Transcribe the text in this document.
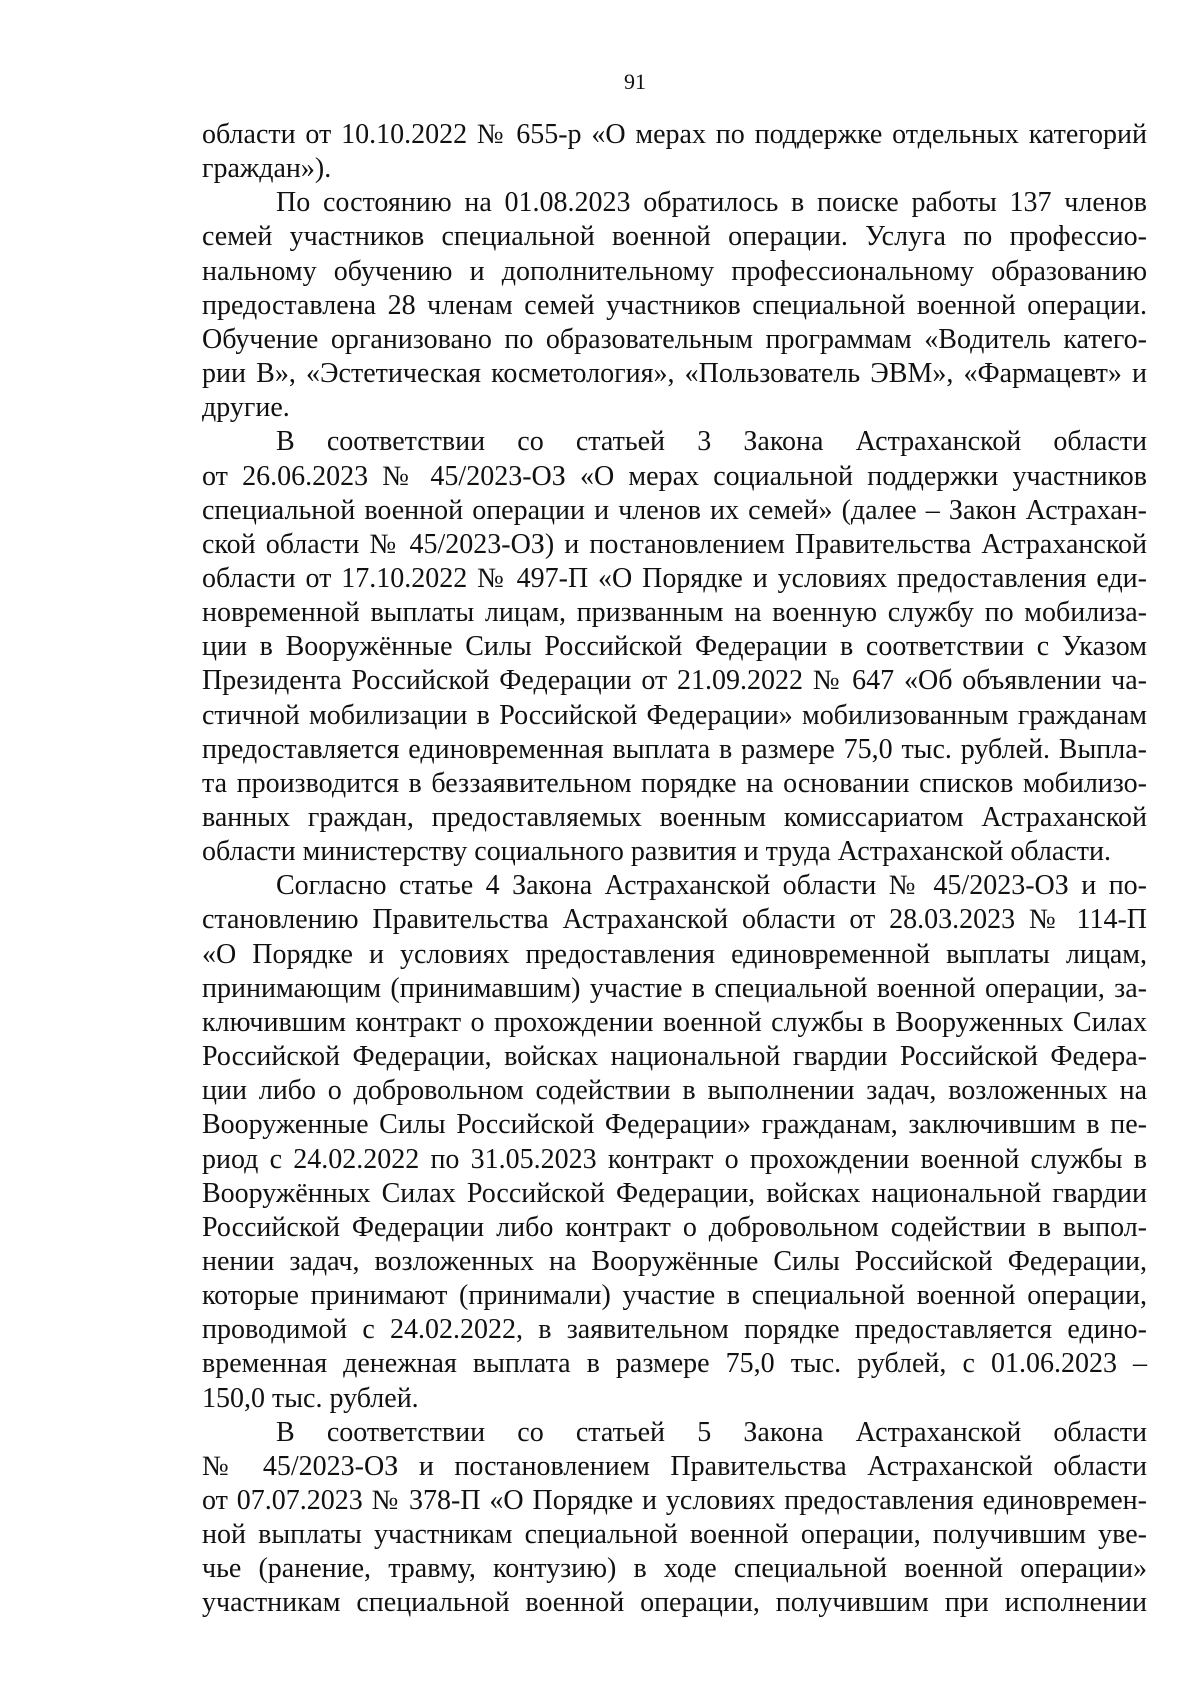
91
области от 10.10.2022 № 655-р «О мерах по поддержке отдельных категорий
граждан»).
По состоянию на 01.08.2023 обратилось в поиске работы 137 членов
семей участников специальной военной операции. Услуга по профессио-
нальному обучению и дополнительному профессиональному образованию
предоставлена 28 членам семей участников специальной военной операции.
Обучение организовано по образовательным программам «Водитель катего-
рии В», «Эстетическая косметология», «Пользователь ЭВМ», «Фармацевт» и
другие.
В соответствии со статьей 3 Закона Астраханской области
от 26.06.2023 № 45/2023-ОЗ «О мерах социальной поддержки участников
специальной военной операции и членов их семей» (далее – Закон Астрахан-
ской области № 45/2023-ОЗ) и постановлением Правительства Астраханской
области от 17.10.2022 № 497-П «О Порядке и условиях предоставления еди-
новременной выплаты лицам, призванным на военную службу по мобилиза-
ции в Вооружённые Силы Российской Федерации в соответствии с Указом
Президента Российской Федерации от 21.09.2022 № 647 «Об объявлении ча-
стичной мобилизации в Российской Федерации» мобилизованным гражданам
предоставляется единовременная выплата в размере 75,0 тыс. рублей. Выпла-
та производится в беззаявительном порядке на основании списков мобилизо-
ванных граждан, предоставляемых военным комиссариатом Астраханской
области министерству социального развития и труда Астраханской области.
Согласно статье 4 Закона Астраханской области № 45/2023-ОЗ и по-
становлению Правительства Астраханской области от 28.03.2023 № 114-П
«О Порядке и условиях предоставления единовременной выплаты лицам,
принимающим (принимавшим) участие в специальной военной операции, за-
ключившим контракт о прохождении военной службы в Вооруженных Силах
Российской Федерации, войсках национальной гвардии Российской Федера-
ции либо о добровольном содействии в выполнении задач, возложенных на
Вооруженные Силы Российской Федерации» гражданам, заключившим в пе-
риод с 24.02.2022 по 31.05.2023 контракт о прохождении военной службы в
Вооружённых Силах Российской Федерации, войсках национальной гвардии
Российской Федерации либо контракт о добровольном содействии в выпол-
нении задач, возложенных на Вооружённые Силы Российской Федерации,
которые принимают (принимали) участие в специальной военной операции,
проводимой с 24.02.2022, в заявительном порядке предоставляется едино-
временная денежная выплата в размере 75,0 тыс. рублей, с 01.06.2023 –
150,0 тыс. рублей.
В соответствии со статьей 5 Закона Астраханской области
№ 45/2023-ОЗ и постановлением Правительства Астраханской области
от 07.07.2023 № 378-П «О Порядке и условиях предоставления единовремен-
ной выплаты участникам специальной военной операции, получившим уве-
чье (ранение, травму, контузию) в ходе специальной военной операции»
участникам специальной военной операции, получившим при исполнении
